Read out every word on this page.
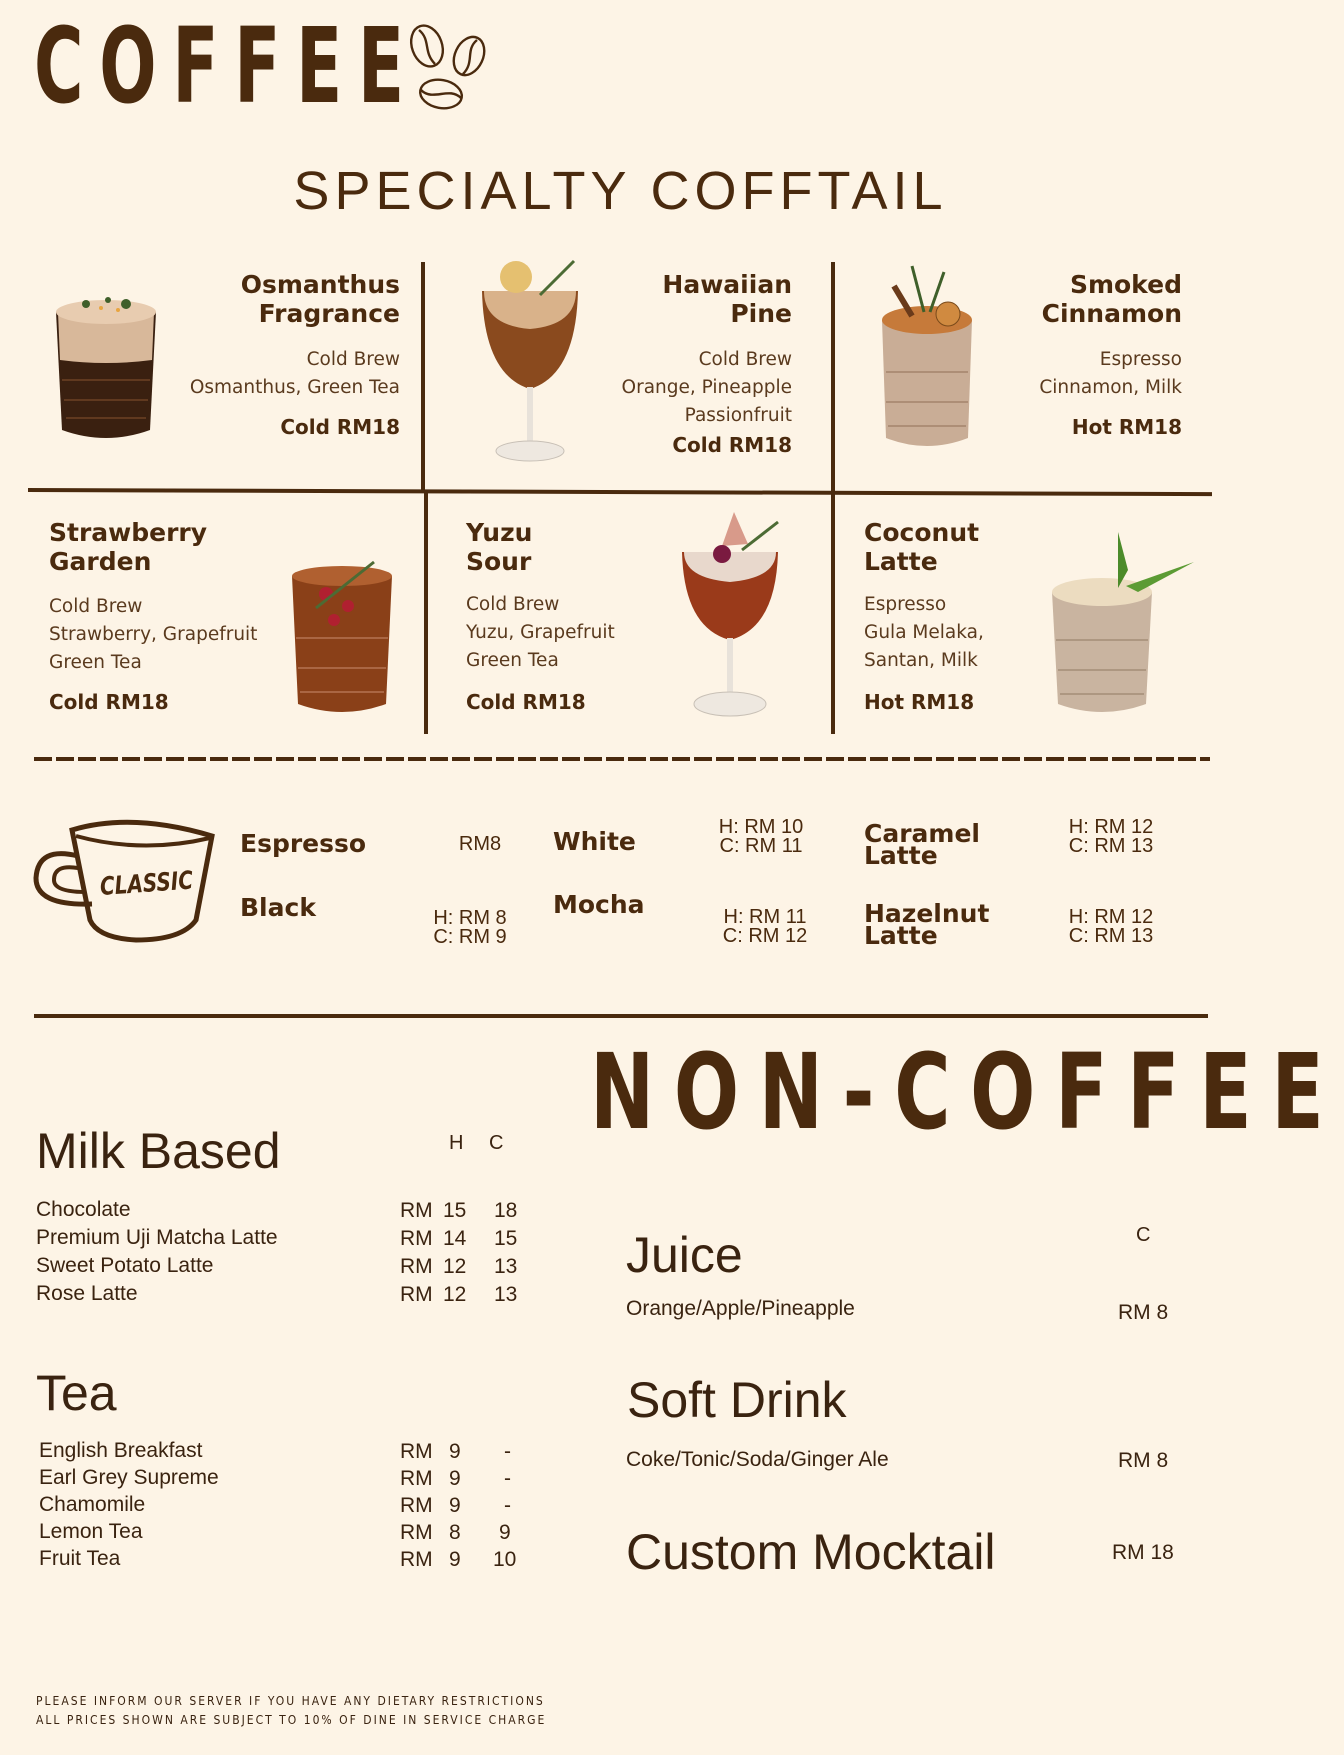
COFFEE
SPECIALTY COFFTAIL
Osmanthus
Fragrance
Cold Brew
Osmanthus, Green Tea
Cold RM18
Hawaiian
Pine
Cold Brew
Orange, Pineapple
Passionfruit
Cold RM18
Smoked
Cinnamon
Espresso
Cinnamon, Milk
Hot RM18
Strawberry
Garden
Cold Brew
Strawberry, Grapefruit
Green Tea
Cold RM18
Yuzu
Sour
Cold Brew
Yuzu, Grapefruit
Green Tea
Cold RM18
Coconut
Latte
Espresso
Gula Melaka,
Santan, Milk
Hot RM18
CLASSIC
Espresso	RM8
Black	H: RM 8
C: RM 9
White	H: RM 10
C: RM 11
Mocha	H: RM 11
C: RM 12
Caramel
Latte
H: RM 12
C: RM 13
Hazelnut
Latte
H: RM 12
C: RM 13
NON-COFFEE
Milk Based	H C
Chocolate	RM 15 18
Premium Uji Matcha Latte	RM 14 15
Sweet Potato Latte	RM 12 13
Rose Latte	RM 12 13
Tea
English Breakfast	RM 9 -
Earl Grey Supreme	RM 9 -
Chamomile	RM 9 -
Lemon Tea	RM 8 9
Fruit Tea	RM 9 10
Juice	C
Orange/Apple/Pineapple	RM 8
Soft Drink
Coke/Tonic/Soda/Ginger Ale	RM 8
Custom Mocktail	RM 18
PLEASE INFORM OUR SERVER IF YOU HAVE ANY DIETARY RESTRICTIONS
ALL PRICES SHOWN ARE SUBJECT TO 10% OF DINE IN SERVICE CHARGE
